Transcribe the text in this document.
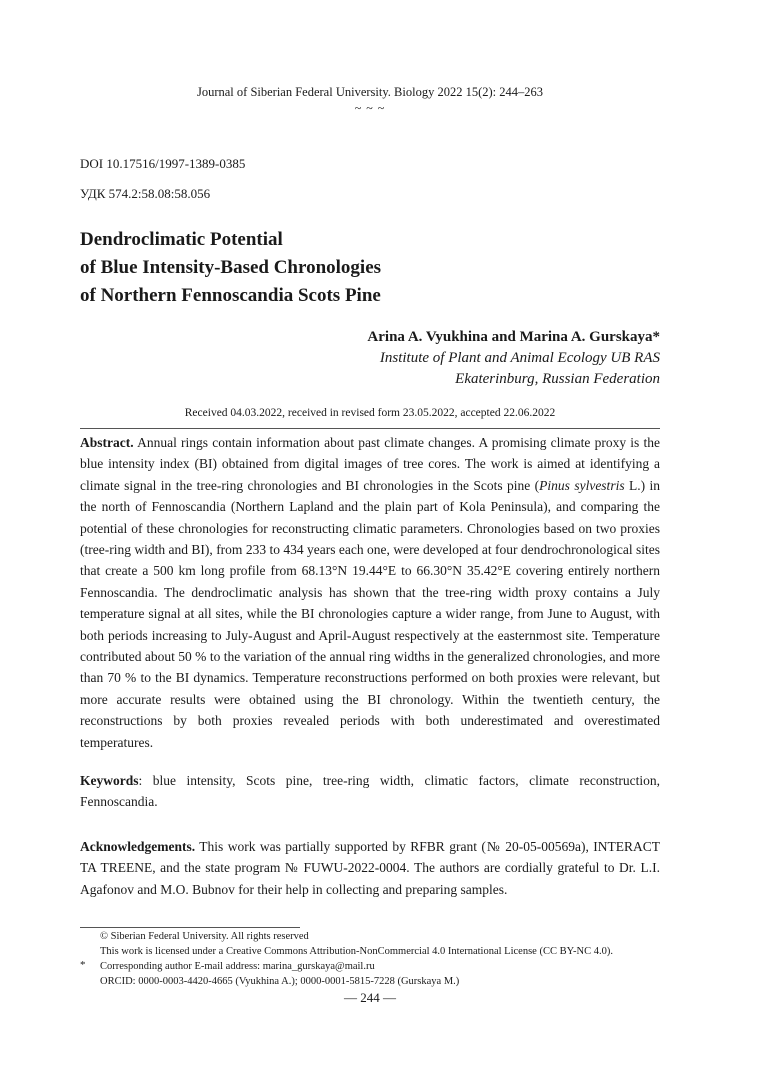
Journal of Siberian Federal University. Biology 2022 15(2): 244–263
~ ~ ~
DOI 10.17516/1997-1389-0385
УДК 574.2:58.08:58.056
Dendroclimatic Potential
of Blue Intensity-Based Chronologies
of Northern Fennoscandia Scots Pine
Arina A. Vyukhina and Marina A. Gurskaya*
Institute of Plant and Animal Ecology UB RAS
Ekaterinburg, Russian Federation
Received 04.03.2022, received in revised form 23.05.2022, accepted 22.06.2022
Abstract. Annual rings contain information about past climate changes. A promising climate proxy is the blue intensity index (BI) obtained from digital images of tree cores. The work is aimed at identifying a climate signal in the tree-ring chronologies and BI chronologies in the Scots pine (Pinus sylvestris L.) in the north of Fennoscandia (Northern Lapland and the plain part of Kola Peninsula), and comparing the potential of these chronologies for reconstructing climatic parameters. Chronologies based on two proxies (tree-ring width and BI), from 233 to 434 years each one, were developed at four dendrochronological sites that create a 500 km long profile from 68.13°N 19.44°E to 66.30°N 35.42°E covering entirely northern Fennoscandia. The dendroclimatic analysis has shown that the tree-ring width proxy contains a July temperature signal at all sites, while the BI chronologies capture a wider range, from June to August, with both periods increasing to July-August and April-August respectively at the easternmost site. Temperature contributed about 50 % to the variation of the annual ring widths in the generalized chronologies, and more than 70 % to the BI dynamics. Temperature reconstructions performed on both proxies were relevant, but more accurate results were obtained using the BI chronology. Within the twentieth century, the reconstructions by both proxies revealed periods with both underestimated and overestimated temperatures.
Keywords: blue intensity, Scots pine, tree-ring width, climatic factors, climate reconstruction, Fennoscandia.
Acknowledgements. This work was partially supported by RFBR grant (№ 20-05-00569a), INTERACT TA TREENE, and the state program № FUWU-2022-0004. The authors are cordially grateful to Dr. L.I. Agafonov and M.O. Bubnov for their help in collecting and preparing samples.
© Siberian Federal University. All rights reserved
This work is licensed under a Creative Commons Attribution-NonCommercial 4.0 International License (CC BY-NC 4.0).
* Corresponding author E-mail address: marina_gurskaya@mail.ru
ORCID: 0000-0003-4420-4665 (Vyukhina A.); 0000-0001-5815-7228 (Gurskaya M.)
— 244 —
